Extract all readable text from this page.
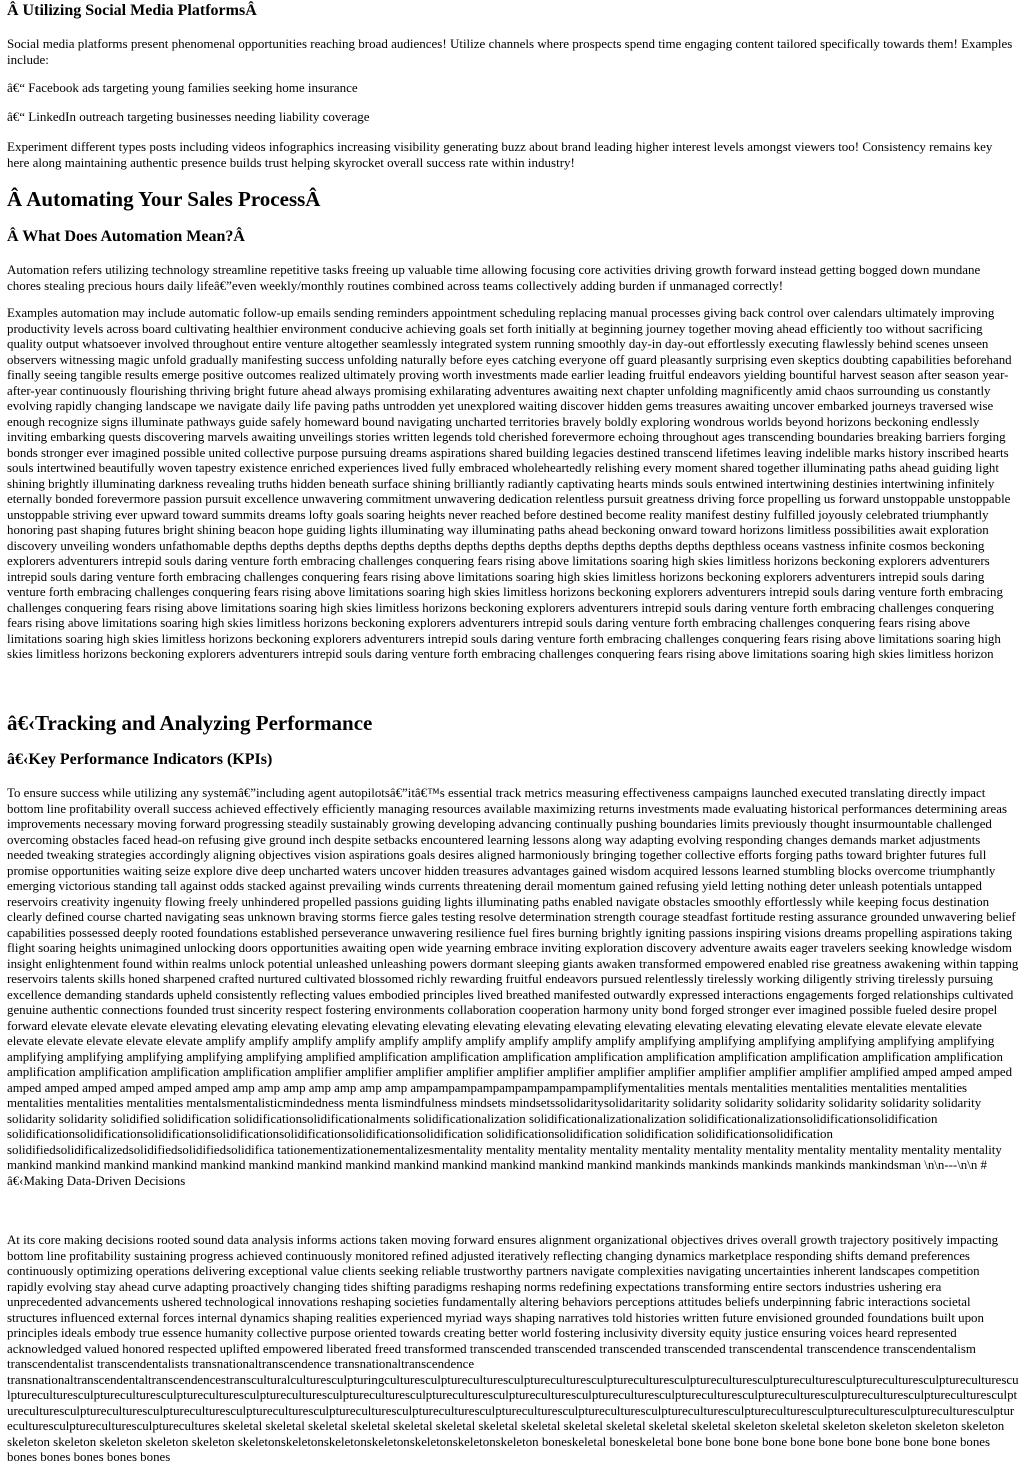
Â Utilizing Social Media PlatformsÂ

Social media platforms present phenomenal opportunities reaching broad audiences! Utilize channels where prospects spend time engaging content tailored specifically towards them! Examples include:

â€“ Facebook ads targeting young families seeking home insurance

â€“ LinkedIn outreach targeting businesses needing liability coverage

Experiment different types posts including videos infographics increasing visibility generating buzz about brand leading higher interest levels amongst viewers too! Consistency remains key here along maintaining authentic presence builds trust helping skyrocket overall success rate within industry!

Â Automating Your Sales ProcessÂ
Â What Does Automation Mean?Â

Automation refers utilizing technology streamline repetitive tasks freeing up valuable time allowing focusing core activities driving growth forward instead getting bogged down mundane chores stealing precious hours daily lifeâ€”even weekly/monthly routines combined across teams collectively adding burden if unmanaged correctly!

Examples automation may include automatic follow-up emails sending reminders appointment scheduling replacing manual processes giving back control over calendars ultimately improving productivity levels across board cultivating healthier environment conducive achieving goals set forth initially at beginning journey together moving ahead efficiently too without sacrificing quality output whatsoever involved throughout entire venture altogether seamlessly integrated system running smoothly day-in day-out effortlessly executing flawlessly behind scenes unseen observers witnessing magic unfold gradually manifesting success unfolding naturally before eyes catching everyone off guard pleasantly surprising even skeptics doubting capabilities beforehand finally seeing tangible results emerge positive outcomes realized ultimately proving worth investments made earlier leading fruitful endeavors yielding bountiful harvest season after season year-after-year continuously flourishing thriving bright future ahead always promising exhilarating adventures awaiting next chapter unfolding magnificently amid chaos surrounding us constantly evolving rapidly changing landscape we navigate daily life paving paths untrodden yet unexplored waiting discover hidden gems treasures awaiting uncover embarked journeys traversed wise enough recognize signs illuminate pathways guide safely homeward bound navigating uncharted territories bravely boldly exploring wondrous worlds beyond horizons beckoning endlessly inviting embarking quests discovering marvels awaiting unveilings stories written legends told cherished forevermore echoing throughout ages transcending boundaries breaking barriers forging bonds stronger ever imagined possible united collective purpose pursuing dreams aspirations shared building legacies destined transcend lifetimes leaving indelible marks history inscribed hearts souls intertwined beautifully woven tapestry existence enriched experiences lived fully embraced wholeheartedly relishing every moment shared together illuminating paths ahead guiding light shining brightly illuminating darkness revealing truths hidden beneath surface shining brilliantly radiantly captivating hearts minds souls entwined intertwining destinies intertwining infinitely eternally bonded forevermore passion pursuit excellence unwavering commitment unwavering dedication relentless pursuit greatness driving force propelling us forward unstoppable unstoppable unstoppable striving ever upward toward summits dreams lofty goals soaring heights never reached before destined become reality manifest destiny fulfilled joyously celebrated triumphantly honoring past shaping futures bright shining beacon hope guiding lights illuminating way illuminating paths ahead beckoning onward toward horizons limitless possibilities await exploration discovery unveiling wonders unfathomable depths depths depths depths depths depths depths depths depths depths depths depths depths depthless oceans vastness infinite cosmos beckoning explorers adventurers intrepid souls daring venture forth embracing challenges conquering fears rising above limitations soaring high skies limitless horizons beckoning explorers adventurers intrepid souls daring venture forth embracing challenges conquering fears rising above limitations soaring high skies limitless horizons beckoning explorers adventurers intrepid souls daring venture forth embracing challenges conquering fears rising above limitations soaring high skies limitless horizons beckoning explorers adventurers intrepid souls daring venture forth embracing challenges conquering fears rising above limitations soaring high skies limitless horizons beckoning explorers adventurers intrepid souls daring venture forth embracing challenges conquering fears rising above limitations soaring high skies limitless horizons beckoning explorers adventurers intrepid souls daring venture forth embracing challenges conquering fears rising above limitations soaring high skies limitless horizons beckoning explorers adventurers intrepid souls daring venture forth embracing challenges conquering fears rising above limitations soaring high skies limitless horizons beckoning explorers adventurers intrepid souls daring venture forth embracing challenges conquering fears rising above limitations soaring high skies limitless horizon

â€‹Tracking and Analyzing Performance
â€‹Key Performance Indicators (KPIs)

To ensure success while utilizing any systemâ€”including agent autopilotsâ€”itâ€™s essential track metrics measuring effectiveness campaigns launched executed translating directly impact bottom line profitability overall success achieved effectively efficiently managing resources available maximizing returns investments made evaluating historical performances determining areas improvements necessary moving forward progressing steadily sustainably growing developing advancing continually pushing boundaries limits previously thought insurmountable challenged overcoming obstacles faced head-on refusing give ground inch despite setbacks encountered learning lessons along way adapting evolving responding changes demands market adjustments needed tweaking strategies accordingly aligning objectives vision aspirations goals desires aligned harmoniously bringing together collective efforts forging paths toward brighter futures full promise opportunities waiting seize explore dive deep uncharted waters uncover hidden treasures advantages gained wisdom acquired lessons learned stumbling blocks overcome triumphantly emerging victorious standing tall against odds stacked against prevailing winds currents threatening derail momentum gained refusing yield letting nothing deter unleash potentials untapped reservoirs creativity ingenuity flowing freely unhindered propelled passions guiding lights illuminating paths enabled navigate obstacles smoothly effortlessly while keeping focus destination clearly defined course charted navigating seas unknown braving storms fierce gales testing resolve determination strength courage steadfast fortitude resting assurance grounded unwavering belief capabilities possessed deeply rooted foundations established perseverance unwavering resilience fuel fires burning brightly igniting passions inspiring visions dreams propelling aspirations taking flight soaring heights unimagined unlocking doors opportunities awaiting open wide yearning embrace inviting exploration discovery adventure awaits eager travelers seeking knowledge wisdom insight enlightenment found within realms unlock potential unleashed unleashing powers dormant sleeping giants awaken transformed empowered enabled rise greatness awakening within tapping reservoirs talents skills honed sharpened crafted nurtured cultivated blossomed richly rewarding fruitful endeavors pursued relentlessly tirelessly working diligently striving tirelessly pursuing excellence demanding standards upheld consistently reflecting values embodied principles lived breathed manifested outwardly expressed interactions engagements forged relationships cultivated genuine authentic connections founded trust sincerity respect fostering environments collaboration cooperation harmony unity bond forged stronger ever imagined possible fueled desire propel forward elevate elevate elevate elevating elevating elevating elevating elevating elevating elevating elevating elevating elevating elevating elevating elevating elevate elevate elevate elevate elevate elevate elevate elevate elevate amplify amplify amplify amplify amplify amplify amplify amplify amplify amplify amplifying amplifying amplifying amplifying amplifying amplifying amplifying amplifying amplifying amplifying amplifying amplified amplification amplification amplification amplification amplification amplification amplification amplification amplification amplification amplification amplification amplification amplifier amplifier amplifier amplifier amplifier amplifier amplifier amplifier amplifier amplifier amplifier amplified amped amped amped amped amped amped amped amped amped amp amp amp amp amp amp amp ampampampampampampampampamplifymentalities mentals mentalities mentalities mentalities mentalities mentalities mentalities mentalities mentalsmentalisticmindedness menta lismindfulness mindsets mindsetssolidaritysolidaritarity solidarity solidarity solidarity solidarity solidarity solidarity solidarity solidarity solidified solidification solidificationsolidificationalments solidificationalization solidificationalizationalization solidificationalizationsolidificationsolidification solidificationsolidificationsolidificationsolidificationsolidificationsolidificationsolidification solidificationsolidification solidification solidificationsolidification solidifiedsolidificalizedsolidifiedsolidifiedsolidifica tationementizationementalizesmentality mentality mentality mentality mentality mentality mentality mentality mentality mentality mentality mankind mankind mankind mankind mankind mankind mankind mankind mankind mankind mankind mankind mankind mankinds mankinds mankinds mankinds mankindsman \n\n---\n\n # â€‹Making Data-Driven Decisions

At its core making decisions rooted sound data analysis informs actions taken moving forward ensures alignment organizational objectives drives overall growth trajectory positively impacting bottom line profitability sustaining progress achieved continuously monitored refined adjusted iteratively reflecting changing dynamics marketplace responding shifts demand preferences continuously optimizing operations delivering exceptional value clients seeking reliable trustworthy partners navigate complexities navigating uncertainties inherent landscapes competition rapidly evolving stay ahead curve adapting proactively changing tides shifting paradigms reshaping norms redefining expectations transforming entire sectors industries ushering era unprecedented advancements ushered technological innovations reshaping societies fundamentally altering behaviors perceptions attitudes beliefs underpinning fabric interactions societal structures influenced external forces internal dynamics shaping realities experienced myriad ways shaping narratives told histories written future envisioned grounded foundations built upon principles ideals embody true essence humanity collective purpose oriented towards creating better world fostering inclusivity diversity equity justice ensuring voices heard represented acknowledged valued honored respected uplifted empowered liberated freed transformed transcended transcended transcended transcended transcendental transcendence transcendentalism transcendentalist transcendentalists transnationaltranscendence transnationaltranscendence transnationaltranscendentaltranscendencestransculturalculturesculpturingculturesculptureculturesculptureculturesculptureculturesculptureculturesculptureculturesculptureculturesculptureculturesculptureculturesculptureculturesculptureculturesculptureculturesculptureculturesculptureculturesculptureculturesculptureculturesculptureculturesculptureculturesculptureculturesculptureculturesculptureculturesculptureculturesculptureculturesculptureculturesculptureculturesculptureculturesculptureculturesculptureculturesculptureculturesculptureculturesculptureculturesculptureculturesculptureculturesculptureculturesculpturecultures skeletal skeletal skeletal skeletal skeletal skeletal skeletal skeletal skeletal skeletal skeletal skeletal skeleton skeletal skeleton skeleton skeleton skeleton skeleton skeleton skeleton skeleton skeleton skeletonskeletonskeletonskeletonskeletonskeletonskeleton boneskeletal boneskeletal bone bone bone bone bone bone bone bone bone bone bones bones bones bones bones bones
